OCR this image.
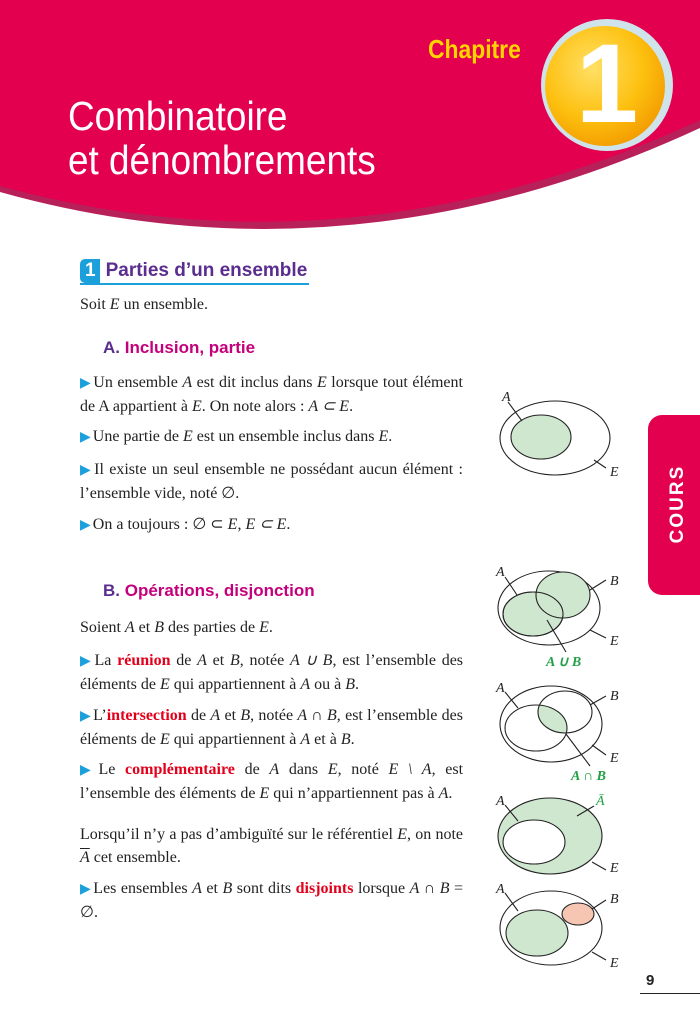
Chapitre 1
Combinatoire
et dénombrements
1 Parties d’un ensemble
Soit E un ensemble.
A. Inclusion, partie
▶ Un ensemble A est dit inclus dans E lorsque tout élément de A appartient à E. On note alors : A ⊂ E.
▶ Une partie de E est un ensemble inclus dans E.
▶ Il existe un seul ensemble ne possédant aucun élément : l’ensemble vide, noté ∅.
▶ On a toujours : ∅ ⊂ E, E ⊂ E.
B. Opérations, disjonction
Soient A et B des parties de E.
▶ La réunion de A et B, notée A ∪ B, est l’ensemble des éléments de E qui appartiennent à A ou à B.
▶ L’intersection de A et B, notée A ∩ B, est l’ensemble des éléments de E qui appartiennent à A et à B.
▶ Le complémentaire de A dans E, noté E \ A, est l’ensemble des éléments de E qui n’appartiennent pas à A.
Lorsqu’il n’y a pas d’ambiguïté sur le référentiel E, on note $\overline{A}$ cet ensemble.
▶ Les ensembles A et B sont dits disjoints lorsque A ∩ B = ∅.
A
E
A
B
E
A ∪ B
A
B
E
A ∩ B
A	Ā
E
A
B
E
COURS
9
